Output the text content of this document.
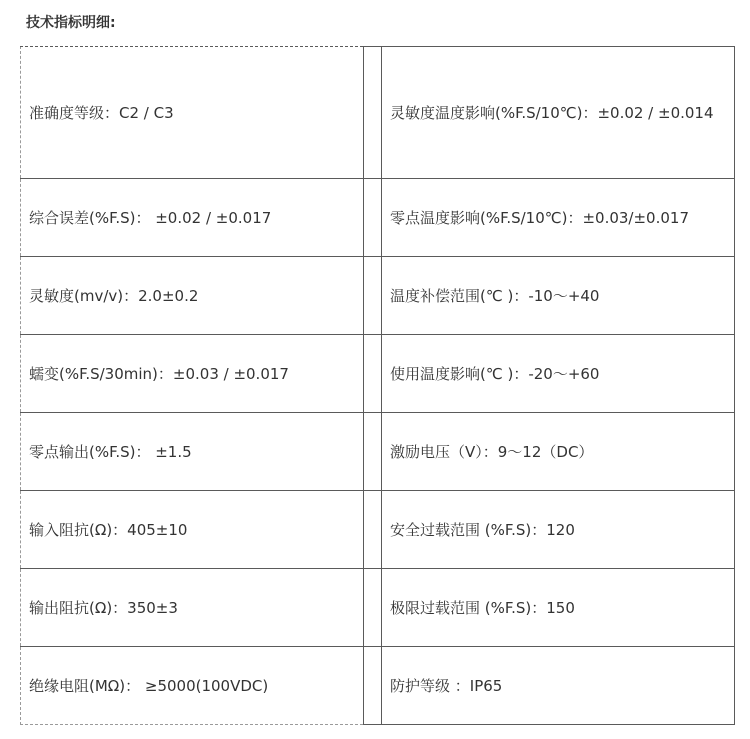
技术指标明细:
准确度等级：C2 / C3		灵敏度温度影响(%F.S/10℃)：±0.02 / ±0.014
综合误差(%F.S)： ±0.02 / ±0.017		零点温度影响(%F.S/10℃)：±0.03/±0.017
灵敏度(mv/v)：2.0±0.2		温度补偿范围(℃ )：-10～+40
蠕变(%F.S/30min)：±0.03 / ±0.017		使用温度影响(℃ )：-20～+60
零点输出(%F.S)： ±1.5		激励电压（V）：9～12（DC）
输入阻抗(Ω)：405±10		安全过载范围 (%F.S)：120
输出阻抗(Ω)：350±3		极限过载范围 (%F.S)：150
绝缘电阻(MΩ)： ≥5000(100VDC)		防护等级 ：IP65
